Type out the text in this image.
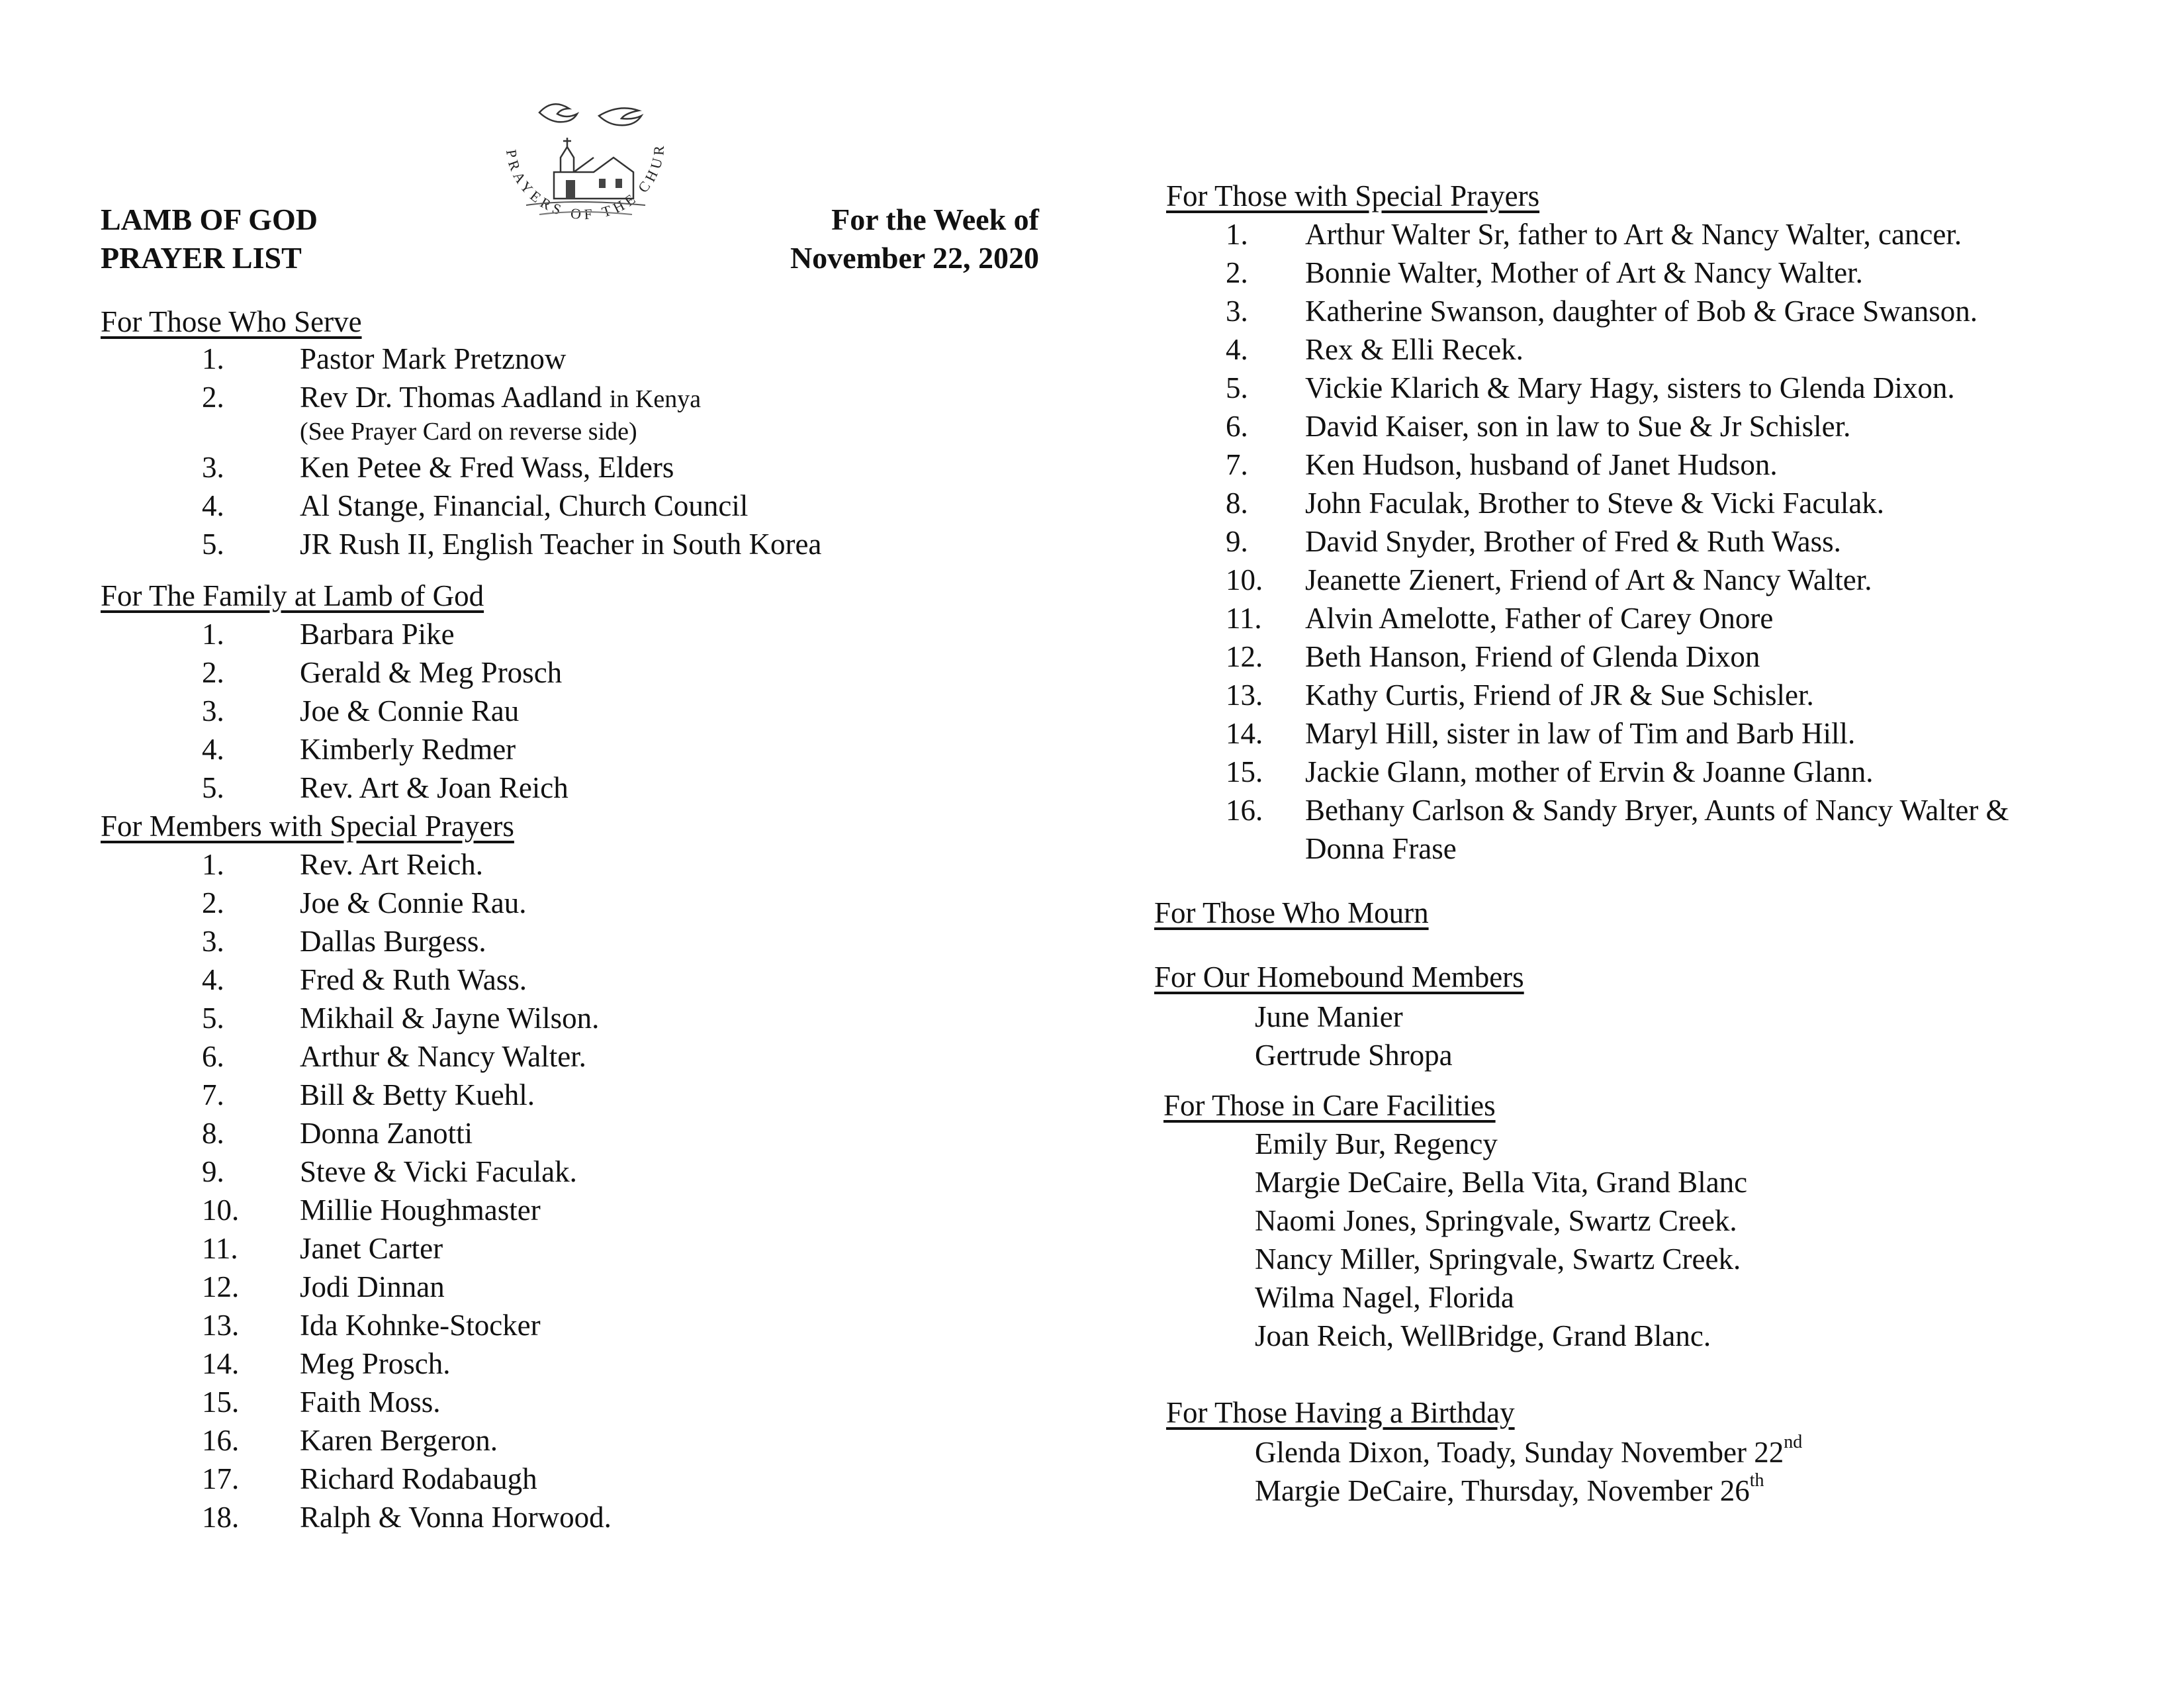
LAMB OF GOD
PRAYER LIST
For the Week of
November 22, 2020
PRAYERS OF THE CHUR
For Those Who Serve
1.	Pastor Mark Pretznow
2.	Rev Dr. Thomas Aadland in Kenya
(See Prayer Card on reverse side)
3.	Ken Petee & Fred Wass, Elders
4.	Al Stange, Financial, Church Council
5.	JR Rush II, English Teacher in South Korea
For The Family at Lamb of God
1.	Barbara Pike
2.	Gerald & Meg Prosch
3.	Joe & Connie Rau
4.	Kimberly Redmer
5.	Rev. Art & Joan Reich
For Members with Special Prayers
1.	Rev. Art Reich.
2.	Joe & Connie Rau.
3.	Dallas Burgess.
4.	Fred & Ruth Wass.
5.	Mikhail & Jayne Wilson.
6.	Arthur & Nancy Walter.
7.	Bill & Betty Kuehl.
8.	Donna Zanotti
9.	Steve & Vicki Faculak.
10. Millie Houghmaster
11. Janet Carter
12. Jodi Dinnan
13. Ida Kohnke-Stocker
14. Meg Prosch.
15. Faith Moss.
16. Karen Bergeron.
17. Richard Rodabaugh
18. Ralph & Vonna Horwood.
For Those with Special Prayers
1. Arthur Walter Sr, father to Art & Nancy Walter, cancer.
2. Bonnie Walter, Mother of Art & Nancy Walter.
3. Katherine Swanson, daughter of Bob & Grace Swanson.
4. Rex & Elli Recek.
5. Vickie Klarich & Mary Hagy, sisters to Glenda Dixon.
6. David Kaiser, son in law to Sue & Jr Schisler.
7. Ken Hudson, husband of Janet Hudson.
8. John Faculak, Brother to Steve & Vicki Faculak.
9. David Snyder, Brother of Fred & Ruth Wass.
10. Jeanette Zienert, Friend of Art & Nancy Walter.
11. Alvin Amelotte, Father of Carey Onore
12. Beth Hanson, Friend of Glenda Dixon
13. Kathy Curtis, Friend of JR & Sue Schisler.
14. Maryl Hill, sister in law of Tim and Barb Hill.
15. Jackie Glann, mother of Ervin & Joanne Glann.
16. Bethany Carlson & Sandy Bryer, Aunts of Nancy Walter &
Donna Frase
For Those Who Mourn
For Our Homebound Members
June Manier
Gertrude Shropa
For Those in Care Facilities
Emily Bur, Regency
Margie DeCaire, Bella Vita, Grand Blanc
Naomi Jones, Springvale, Swartz Creek.
Nancy Miller, Springvale, Swartz Creek.
Wilma Nagel, Florida
Joan Reich, WellBridge, Grand Blanc.
For Those Having a Birthday
Glenda Dixon, Toady, Sunday November 22nd
Margie DeCaire, Thursday, November 26th
